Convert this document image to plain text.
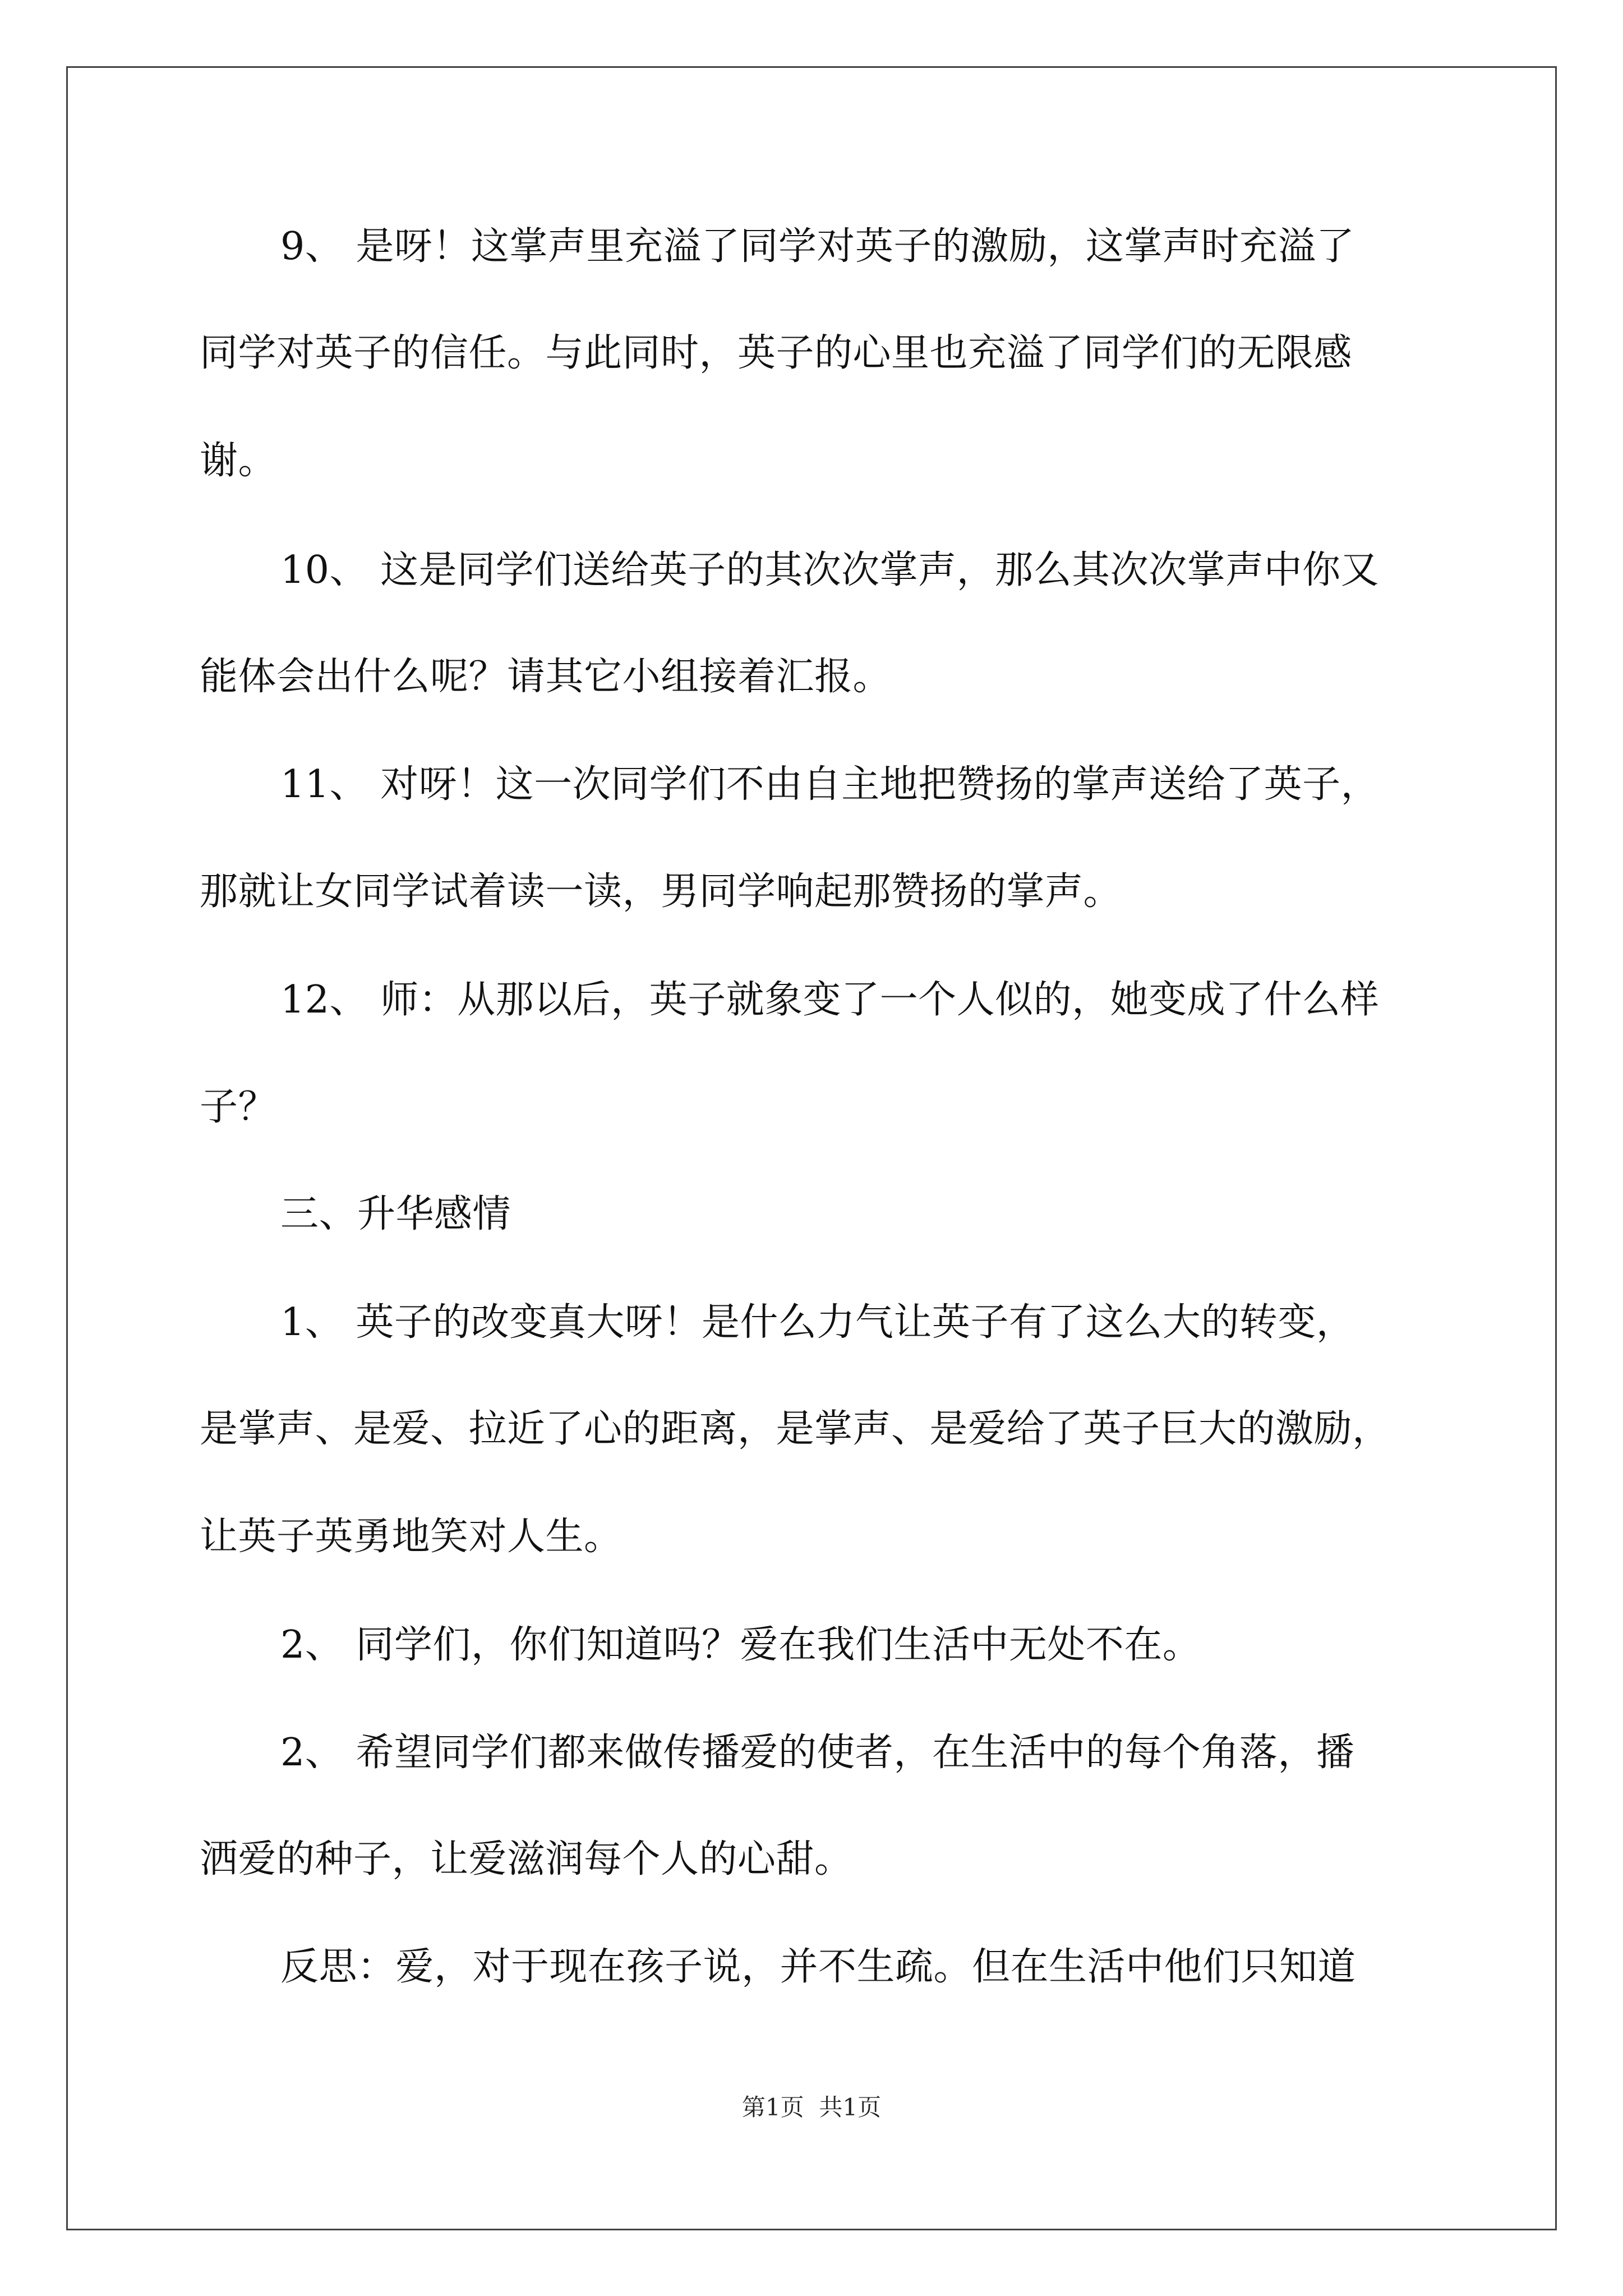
9、 是呀！这掌声里充溢了同学对英子的激励，这掌声时充溢了
同学对英子的信任。与此同时，英子的心里也充溢了同学们的无限感
谢。
10、 这是同学们送给英子的其次次掌声，那么其次次掌声中你又
能体会出什么呢？请其它小组接着汇报。
11、 对呀！这一次同学们不由自主地把赞扬的掌声送给了英子，
那就让女同学试着读一读，男同学响起那赞扬的掌声。
12、 师：从那以后，英子就象变了一个人似的，她变成了什么样
子？
三、升华感情
1、 英子的改变真大呀！是什么力气让英子有了这么大的转变，
是掌声、是爱、拉近了心的距离，是掌声、是爱给了英子巨大的激励，
让英子英勇地笑对人生。
2、 同学们，你们知道吗？爱在我们生活中无处不在。
2、 希望同学们都来做传播爱的使者，在生活中的每个角落，播
洒爱的种子，让爱滋润每个人的心甜。
反思：爱，对于现在孩子说，并不生疏。但在生活中他们只知道
第1页  共1页
